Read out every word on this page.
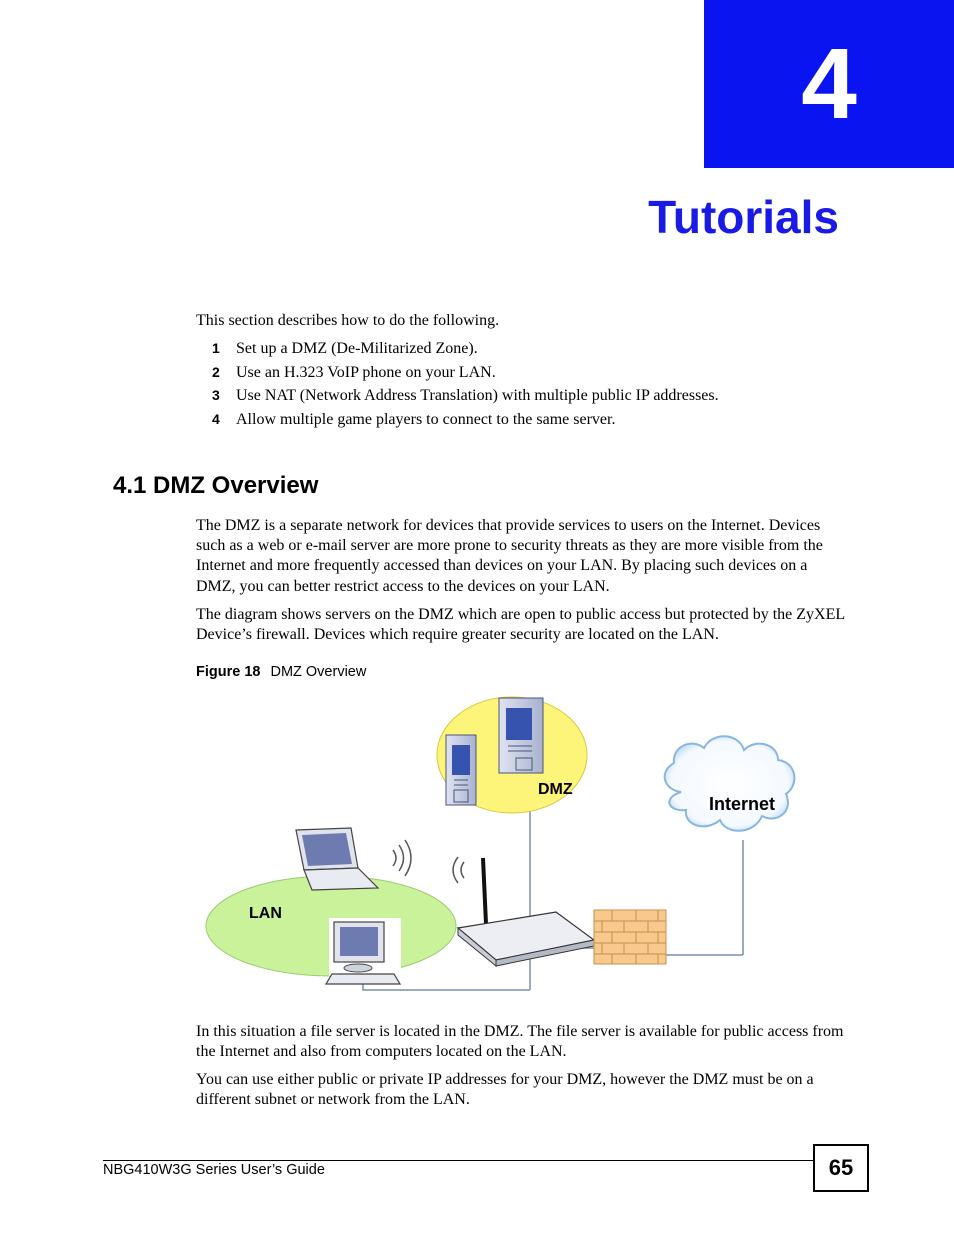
4
Tutorials
This section describes how to do the following.
1	Set up a DMZ (De-Militarized Zone).
2	Use an H.323 VoIP phone on your LAN.
3	Use NAT (Network Address Translation) with multiple public IP addresses.
4	Allow multiple game players to connect to the same server.
4.1 DMZ Overview
The DMZ is a separate network for devices that provide services to users on the Internet. Devices such as a web or e-mail server are more prone to security threats as they are more visible from the Internet and more frequently accessed than devices on your LAN. By placing such devices on a DMZ, you can better restrict access to the devices on your LAN.
The diagram shows servers on the DMZ which are open to public access but protected by the ZyXEL Device’s firewall. Devices which require greater security are located on the LAN.
Figure 18 DMZ Overview
DMZ
Internet
LAN
In this situation a file server is located in the DMZ. The file server is available for public access from the Internet and also from computers located on the LAN.
You can use either public or private IP addresses for your DMZ, however the DMZ must be on a different subnet or network from the LAN.
NBG410W3G Series User’s Guide	65
